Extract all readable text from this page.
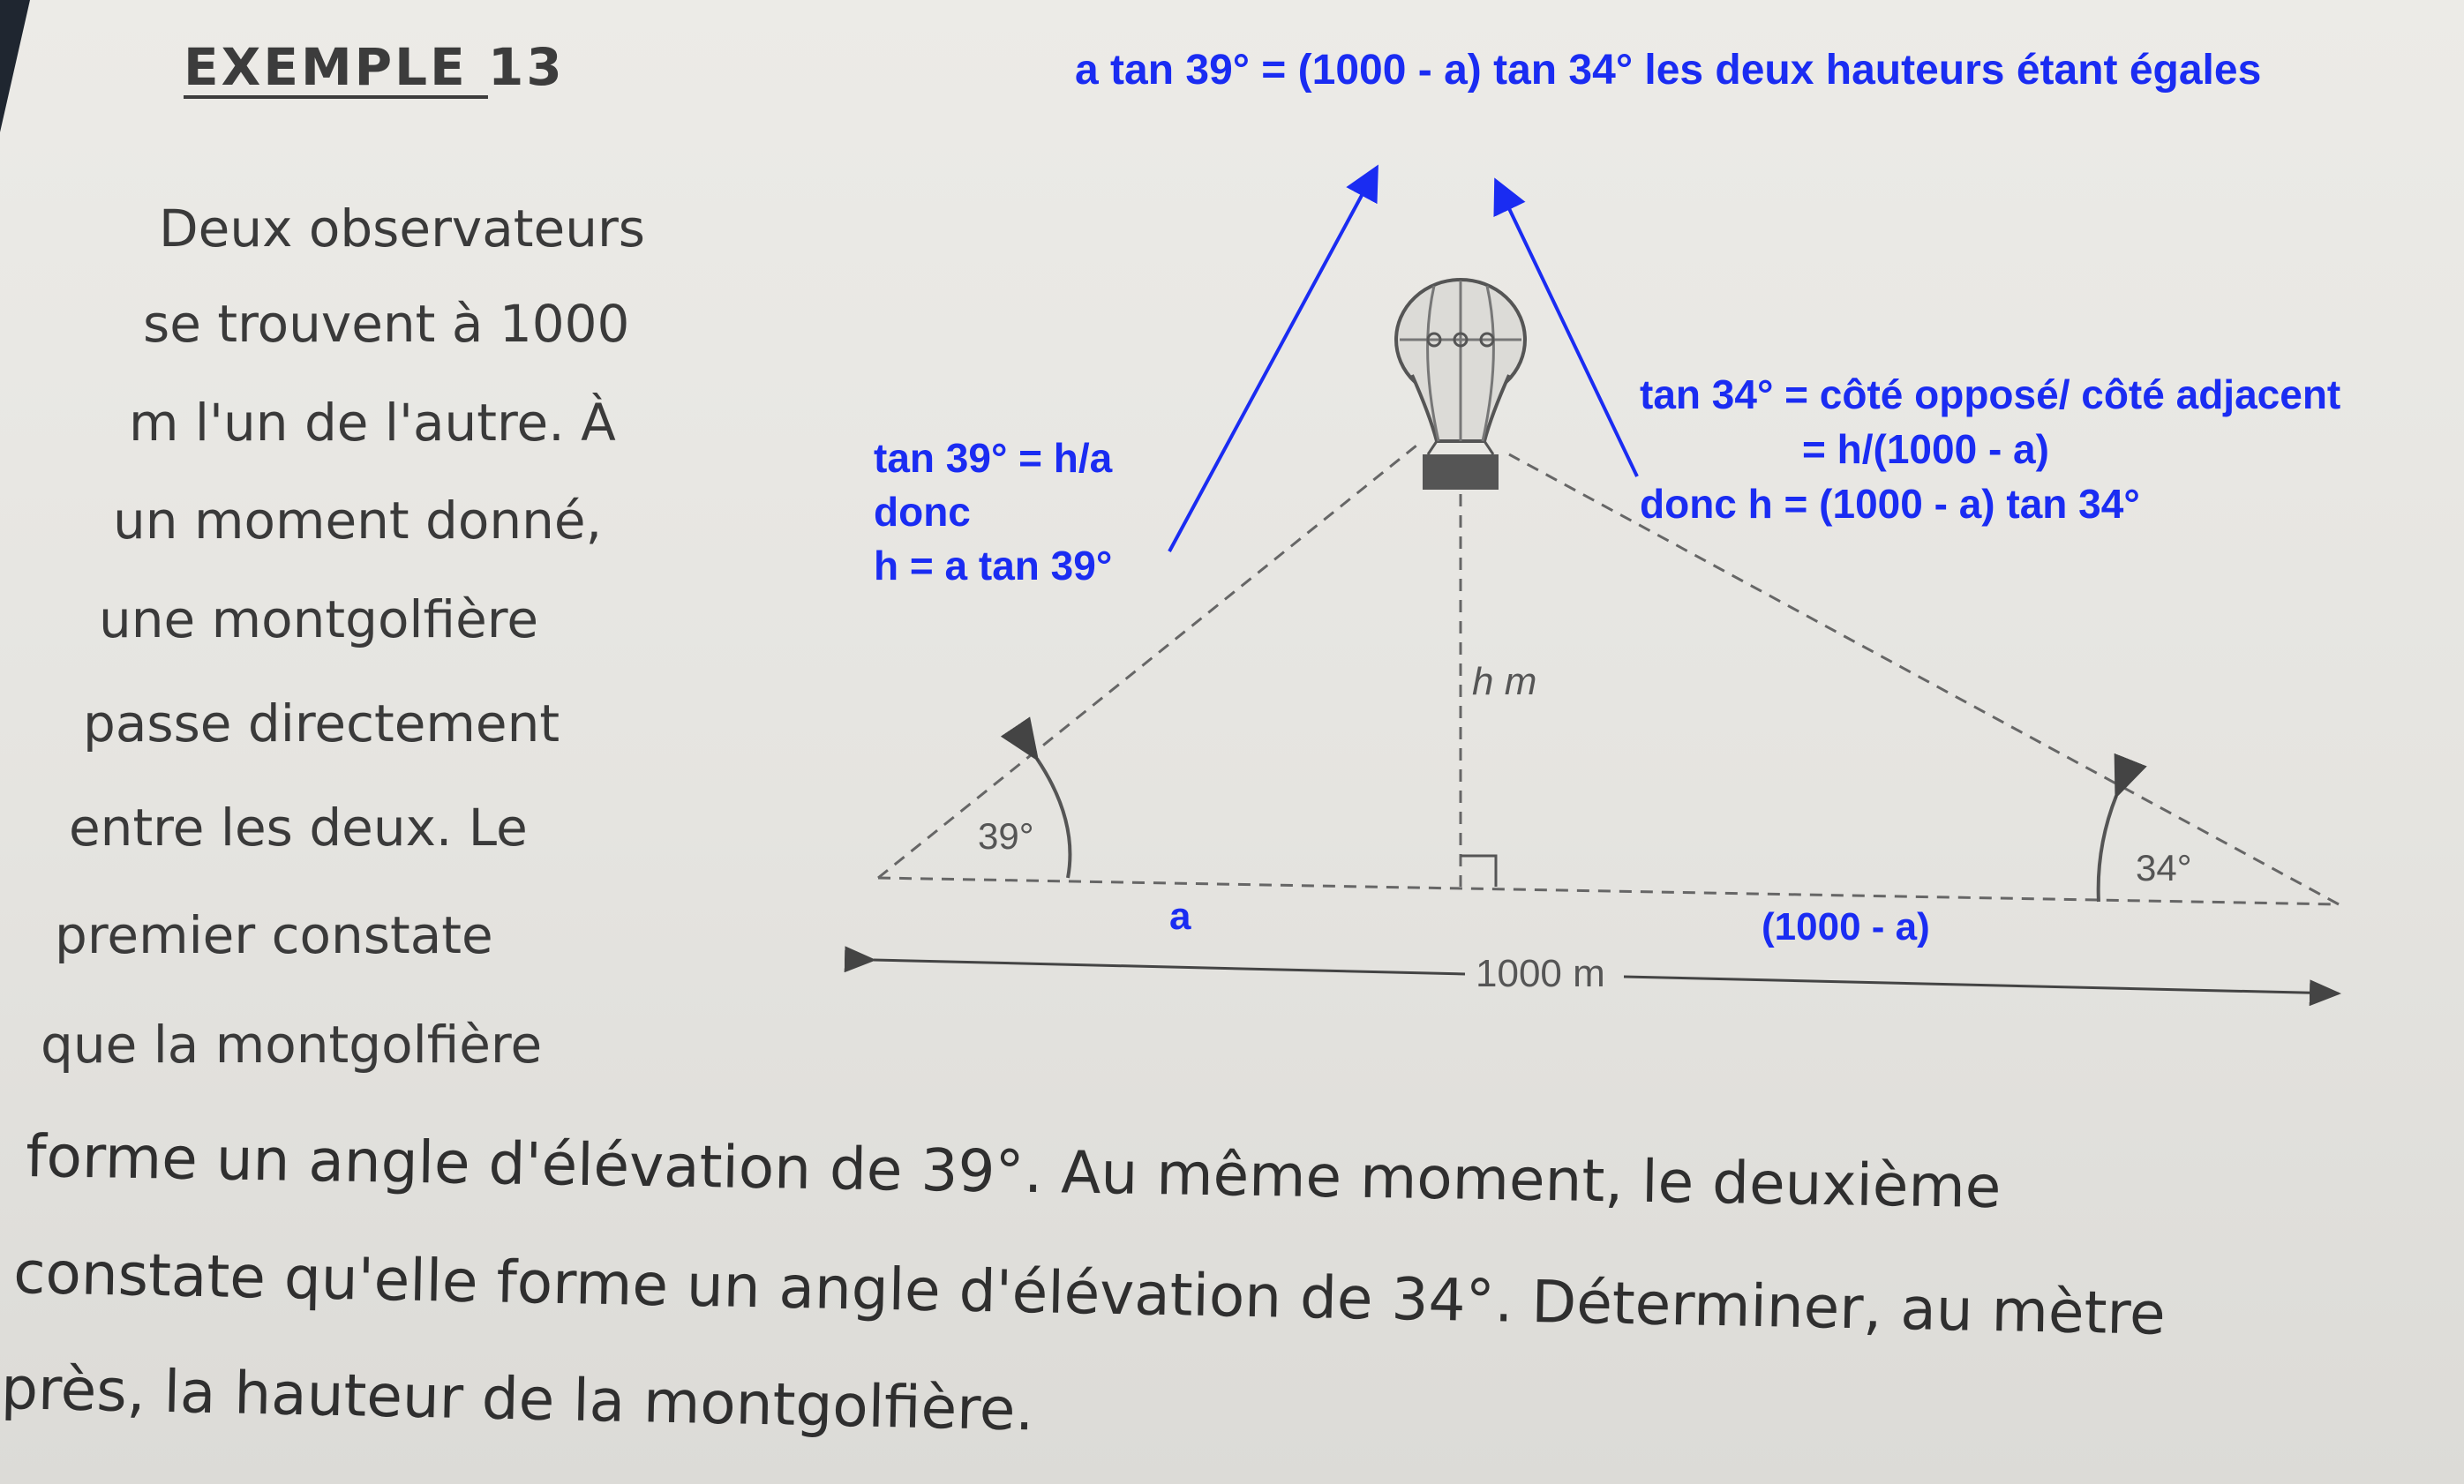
EXEMPLE 13
Deux observateurs
se trouvent à 1000
m l'un de l'autre. À
un moment donné,
une montgolfière
passe directement
entre les deux. Le
premier constate
que la montgolfière
forme un angle d'élévation de 39°. Au même moment, le deuxième
constate qu'elle forme un angle d'élévation de 34°. Déterminer, au mètre
près, la hauteur de la montgolfière.
39°
34°
h m
1000 m
a tan 39° = (1000 - a) tan 34° les deux hauteurs étant égales
tan 39° = h/a
donc
h = a tan 39°
tan 34° = côté opposé/ côté adjacent
= h/(1000 - a)
donc h = (1000 - a) tan 34°
a	(1000 - a)
